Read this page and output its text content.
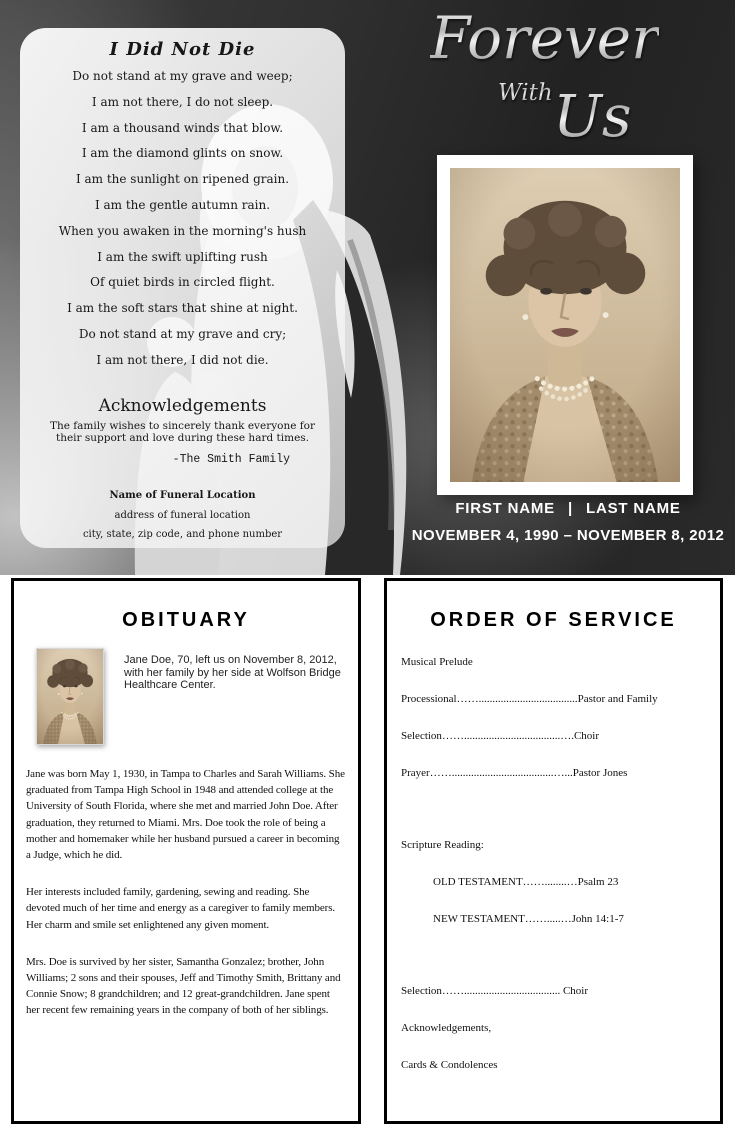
I Did Not Die
Do not stand at my grave and weep;
I am not there, I do not sleep.
I am a thousand winds that blow.
I am the diamond glints on snow.
I am the sunlight on ripened grain.
I am the gentle autumn rain.
When you awaken in the morning's hush
I am the swift uplifting rush
Of quiet birds in circled flight.
I am the soft stars that shine at night.
Do not stand at my grave and cry;
I am not there, I did not die.
Acknowledgements

The family wishes to sincerely thank everyone for their support and love during these hard times.

-The Smith Family
Name of Funeral Location
address of funeral location
city, state, zip code, and phone number
Forever
With Us
FIRST NAME | LAST NAME
NOVEMBER 4, 1990 – NOVEMBER 8, 2012
OBITUARY

Jane Doe, 70, left us on November 8, 2012, with her family by her side at Wolfson Bridge Healthcare Center.

Jane was born May 1, 1930, in Tampa to Charles and Sarah Williams. She graduated from Tampa High School in 1948 and attended college at the University of South Florida, where she met and married John Doe. After graduation, they returned to Miami. Mrs. Doe took the role of being a mother and homemaker while her husband pursued a career in becoming a Judge, which he did.

Her interests included family, gardening, sewing and reading. She devoted much of her time and energy as a caregiver to family members. Her charm and smile set enlightened any given moment.

Mrs. Doe is survived by her sister, Samantha Gonzalez; brother, John Williams; 2 sons and their spouses, Jeff and Timothy Smith, Brittany and Connie Snow; 8 grandchildren; and 12 great-grandchildren. Jane spent her recent few remaining years in the company of both of her siblings.

ORDER OF SERVICE
Musical Prelude
Processional……....................................Pastor and Family
Selection……...................................….Choir
Prayer…….....................................…...Pastor Jones
Scripture Reading:
OLD TESTAMENT……........…Psalm 23
NEW TESTAMENT…….....…John 14:1-7
Selection……................................... Choir
Acknowledgements,
Cards & Condolences
